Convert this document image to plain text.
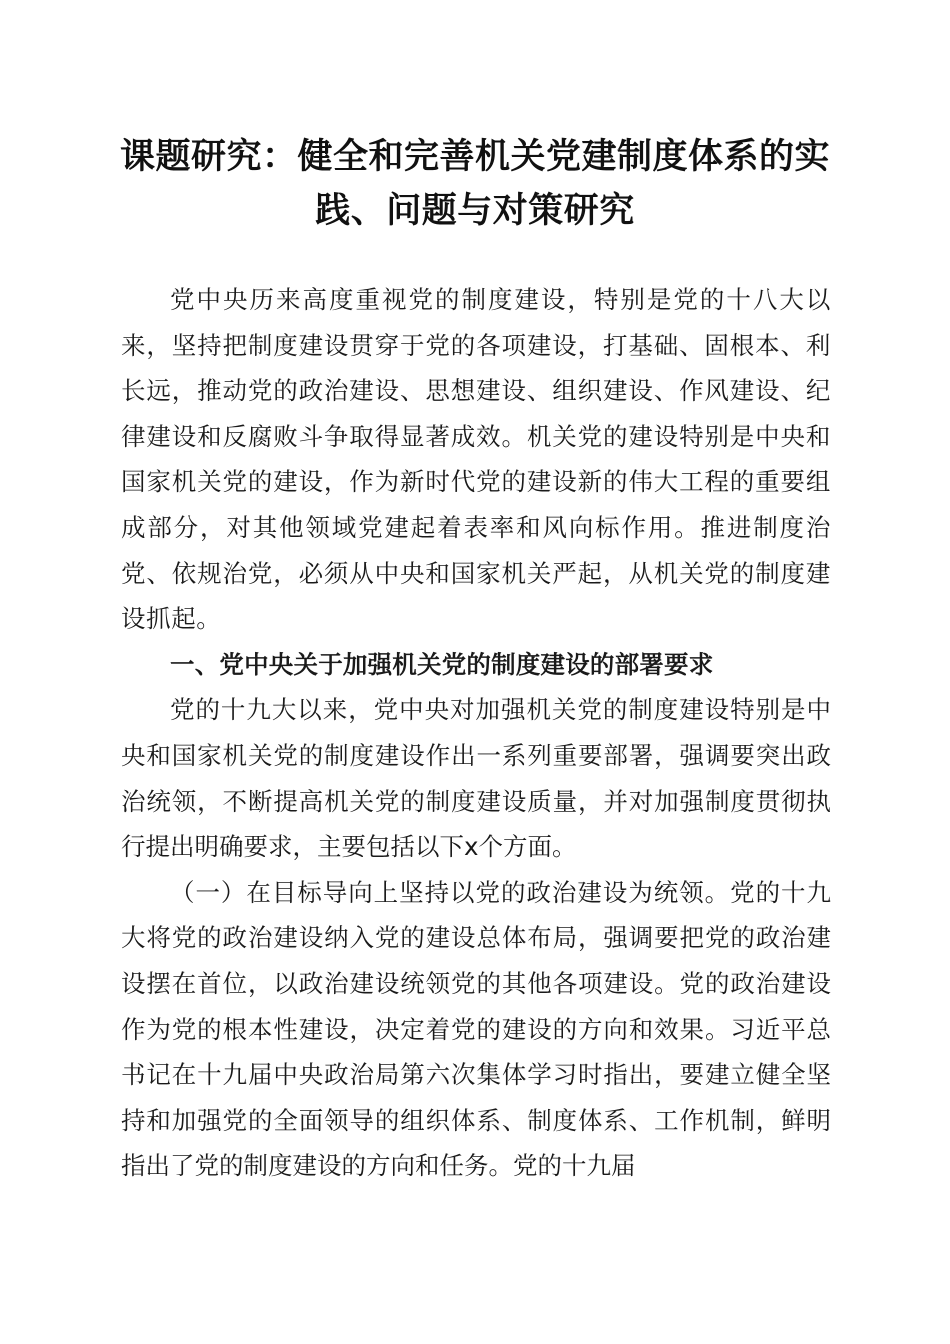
课题研究：健全和完善机关党建制度体系的实
践、问题与对策研究

党中央历来高度重视党的制度建设，特别是党的十八大以来，坚持把制度建设贯穿于党的各项建设，打基础、固根本、利长远，推动党的政治建设、思想建设、组织建设、作风建设、纪律建设和反腐败斗争取得显著成效。机关党的建设特别是中央和国家机关党的建设，作为新时代党的建设新的伟大工程的重要组成部分，对其他领域党建起着表率和风向标作用。推进制度治党、依规治党，必须从中央和国家机关严起，从机关党的制度建设抓起。

一、党中央关于加强机关党的制度建设的部署要求

党的十九大以来，党中央对加强机关党的制度建设特别是中央和国家机关党的制度建设作出一系列重要部署，强调要突出政治统领，不断提高机关党的制度建设质量，并对加强制度贯彻执行提出明确要求，主要包括以下x个方面。

（一）在目标导向上坚持以党的政治建设为统领。党的十九大将党的政治建设纳入党的建设总体布局，强调要把党的政治建设摆在首位，以政治建设统领党的其他各项建设。党的政治建设作为党的根本性建设，决定着党的建设的方向和效果。习近平总书记在十九届中央政治局第六次集体学习时指出，要建立健全坚持和加强党的全面领导的组织体系、制度体系、工作机制，鲜明指出了党的制度建设的方向和任务。党的十九届
